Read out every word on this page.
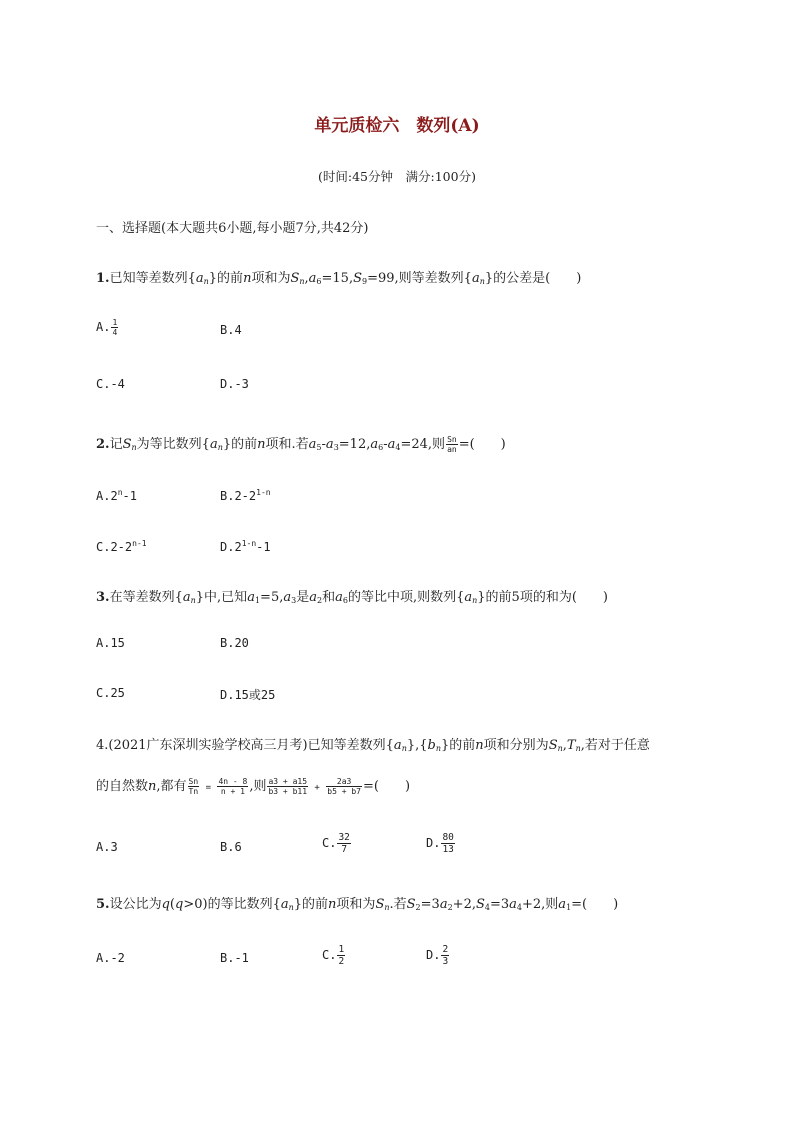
单元质检六　数列(A)
(时间:45分钟　满分:100分)
一、选择题(本大题共6小题,每小题7分,共42分)
1.已知等差数列$\{a_n\}$的前n项和为$S_n,a_6=15,S_9=99$,则等差数列$\{a_n\}$的公差是(　　)
A. $\frac{1}{4}$	B.4
C.-4	D.-3
2.记$S_n$为等比数列$\{a_n\}$的前n项和.若$a_5-a_3=12,a_6-a_4=24$,则 $\frac{Sn}{an}$ =(　　)
A.2$^n$-1	B.2-2$^{1-n}$
C.2-2$^{n-1}$	D.2$^{1-n}$-1
3.在等差数列$\{a_n\}$中,已知$a_1=5,a_3$是$a_2$和$a_6$的等比中项,则数列$\{a_n\}$的前5项的和为(　　)
A.15	B.20
C.25	D.15或25
4.(2021广东深圳实验学校高三月考)已知等差数列$\{a_n\},\{b_n\}$的前n项和分别为$S_n,T_n$,若对于任意
的自然数n,都有 $\frac{Sn}{Tn} = \frac{4n - 8}{n + 1}$ ,则 $\frac{a3 + a15}{b3 + b11} + \frac{2a3}{b5 + b7}$ =(　　)
A.3	B.6	C. $\frac{32}{7}$	D. $\frac{80}{13}$
5.设公比为q(q>0)的等比数列$\{a_n\}$的前n项和为$S_n$.若$S_2=3a_2+2,S_4=3a_4+2$,则$a_1=$(　　)
A.-2	B.-1	C. $\frac{1}{2}$	D. $\frac{2}{3}$
